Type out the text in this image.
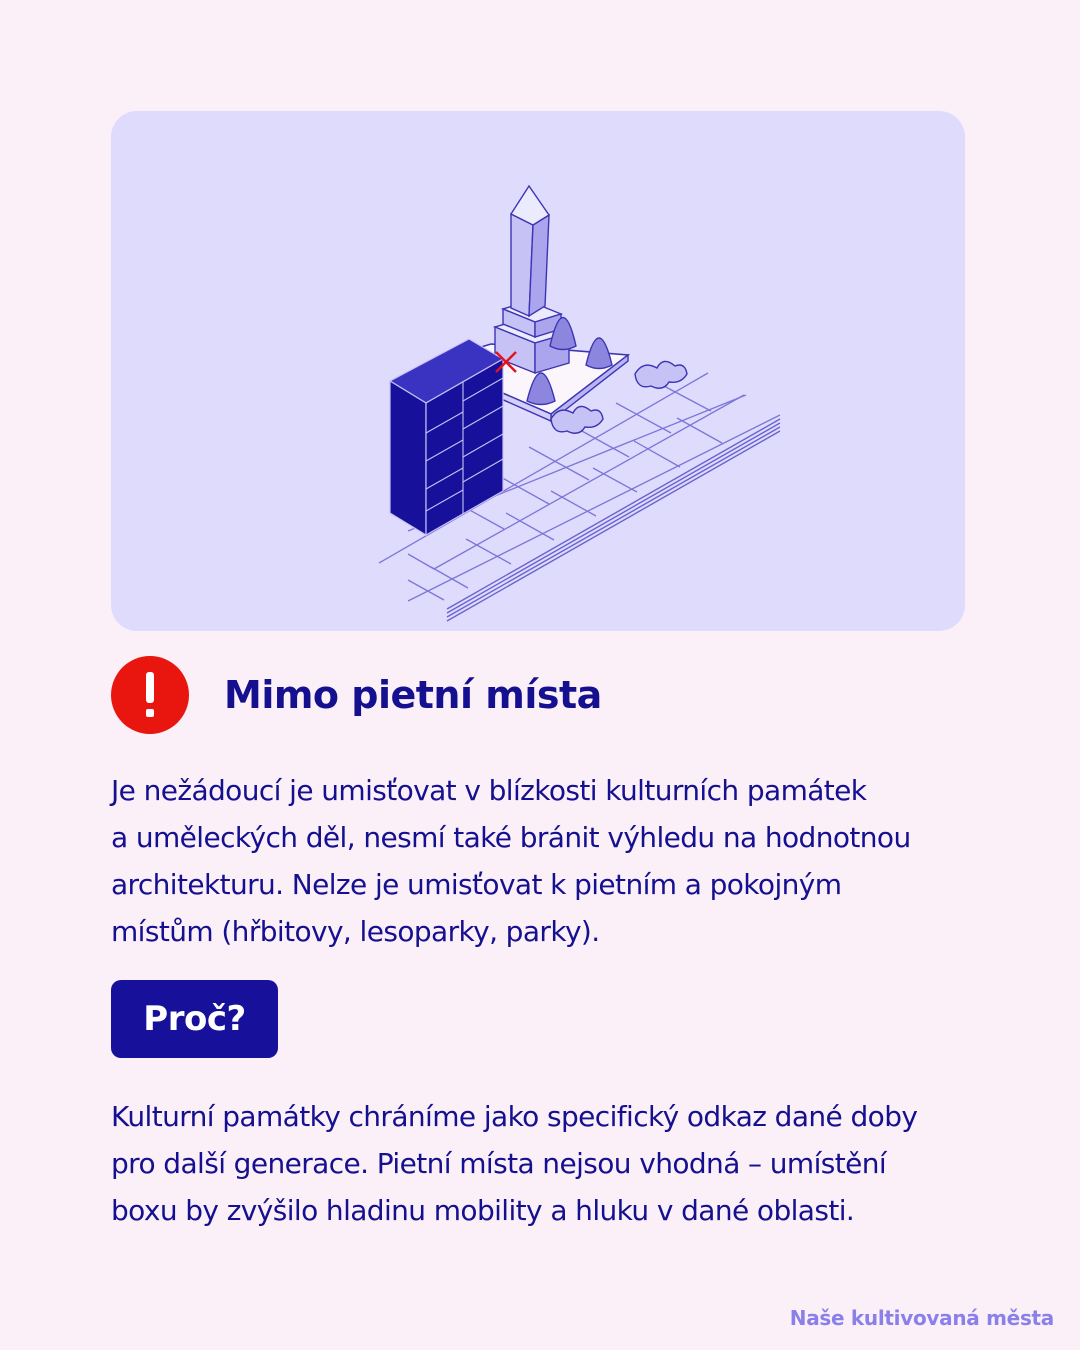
Mimo pietní místa

Je nežádoucí je umisťovat v blízkosti kulturních památek
a uměleckých děl, nesmí také bránit výhledu na hodnotnou
architekturu. Nelze je umisťovat k pietním a pokojným
místům (hřbitovy, lesoparky, parky).

Proč?

Kulturní památky chráníme jako specifický odkaz dané doby
pro další generace. Pietní místa nejsou vhodná – umístění
boxu by zvýšilo hladinu mobility a hluku v dané oblasti.

Naše kultivovaná města
